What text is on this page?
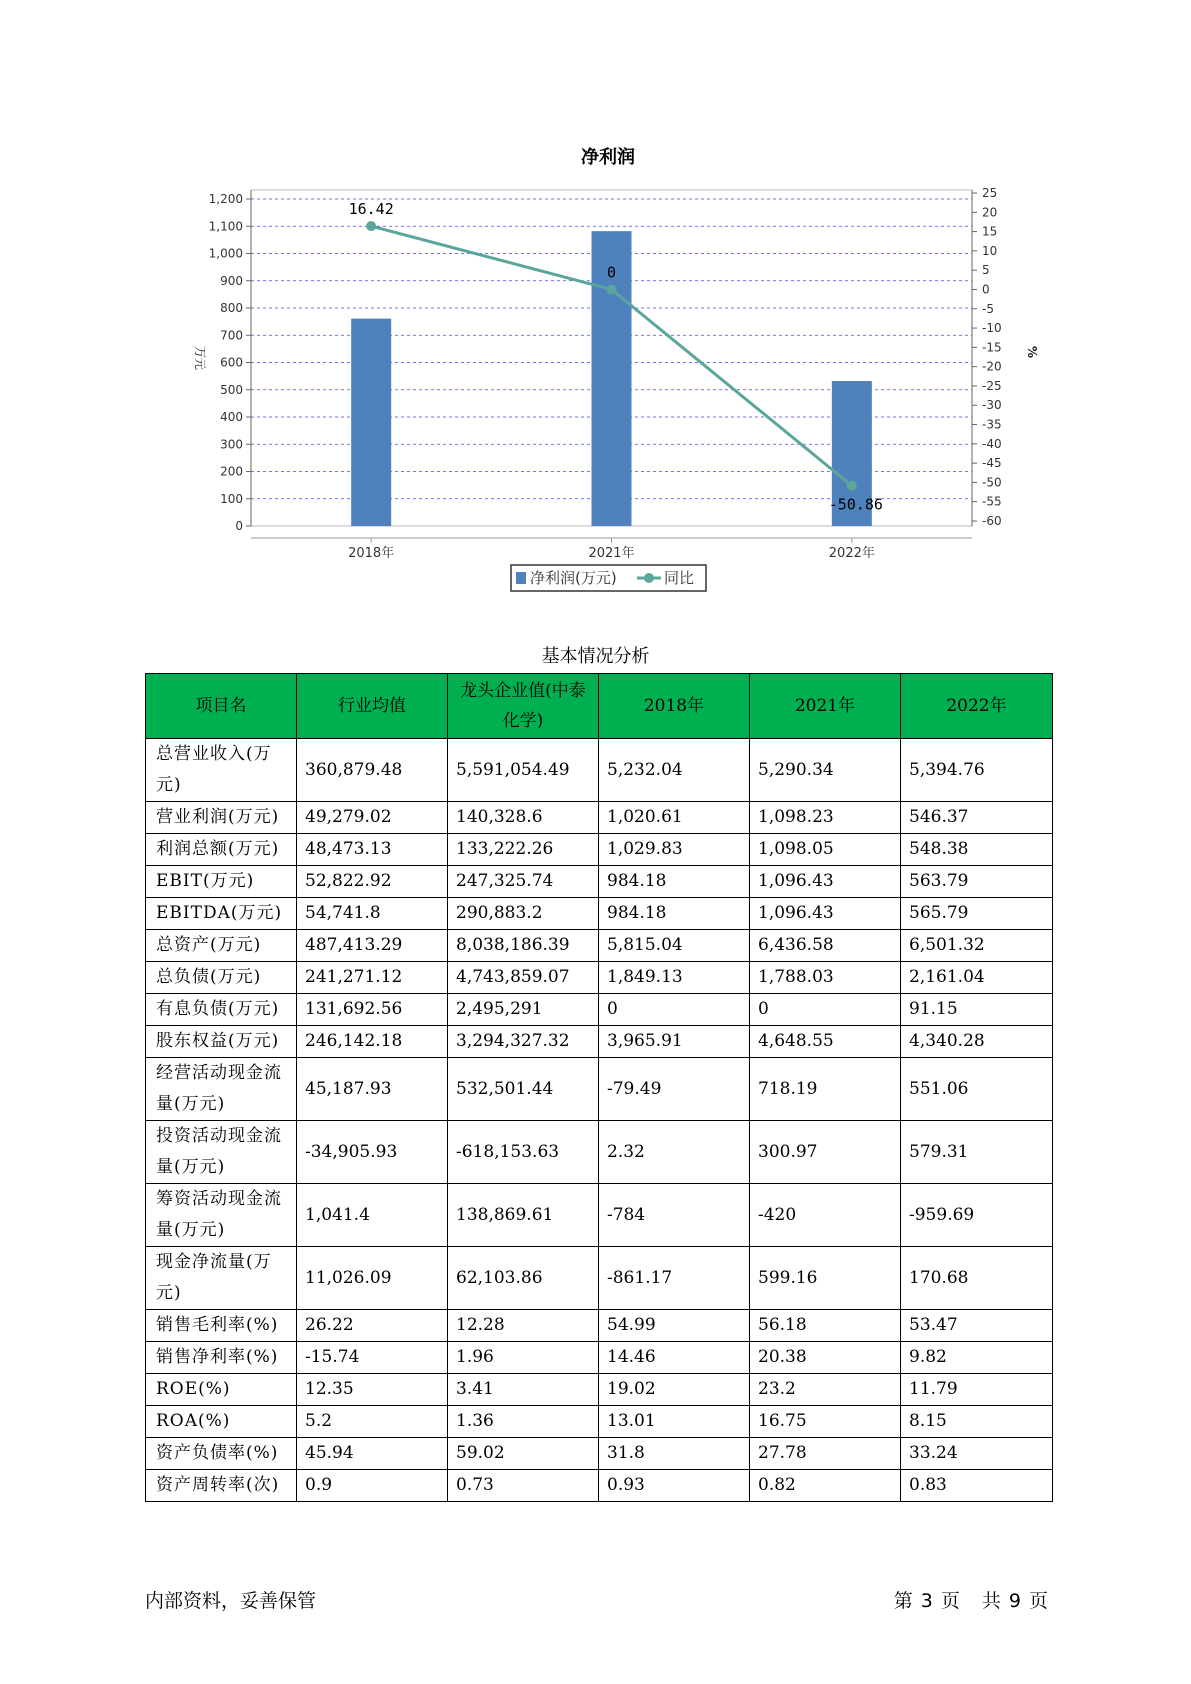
净利润
0
100
200
300
400
500
600
700
800
900
1,000
1,100
1,200
-60
-55
-50
-45
-40
-35
-30
-25
-20
-15
-10
-5
0
5
10
15
20
25
万元	%
2018年	2021年	2022年
16.42
0
-50.86
净利润(万元)	同比
基本情况分析
项目名	行业均值	龙头企业值(中泰化学)	2018年	2021年	2022年
总营业收入(万元)	360,879.48	5,591,054.49	5,232.04	5,290.34	5,394.76
营业利润(万元)	49,279.02	140,328.6	1,020.61	1,098.23	546.37
利润总额(万元)	48,473.13	133,222.26	1,029.83	1,098.05	548.38
EBIT(万元)	52,822.92	247,325.74	984.18	1,096.43	563.79
EBITDA(万元)	54,741.8	290,883.2	984.18	1,096.43	565.79
总资产(万元)	487,413.29	8,038,186.39	5,815.04	6,436.58	6,501.32
总负债(万元)	241,271.12	4,743,859.07	1,849.13	1,788.03	2,161.04
有息负债(万元)	131,692.56	2,495,291	0	0	91.15
股东权益(万元)	246,142.18	3,294,327.32	3,965.91	4,648.55	4,340.28
经营活动现金流量(万元)	45,187.93	532,501.44	-79.49	718.19	551.06
投资活动现金流量(万元)	-34,905.93	-618,153.63	2.32	300.97	579.31
筹资活动现金流量(万元)	1,041.4	138,869.61	-784	-420	-959.69
现金净流量(万元)	11,026.09	62,103.86	-861.17	599.16	170.68
销售毛利率(%)	26.22	12.28	54.99	56.18	53.47
销售净利率(%)	-15.74	1.96	14.46	20.38	9.82
ROE(%)	12.35	3.41	19.02	23.2	11.79
ROA(%)	5.2	1.36	13.01	16.75	8.15
资产负债率(%)	45.94	59.02	31.8	27.78	33.24
资产周转率(次)	0.9	0.73	0.93	0.82	0.83
内部资料，妥善保管	第 3 页 共 9 页
